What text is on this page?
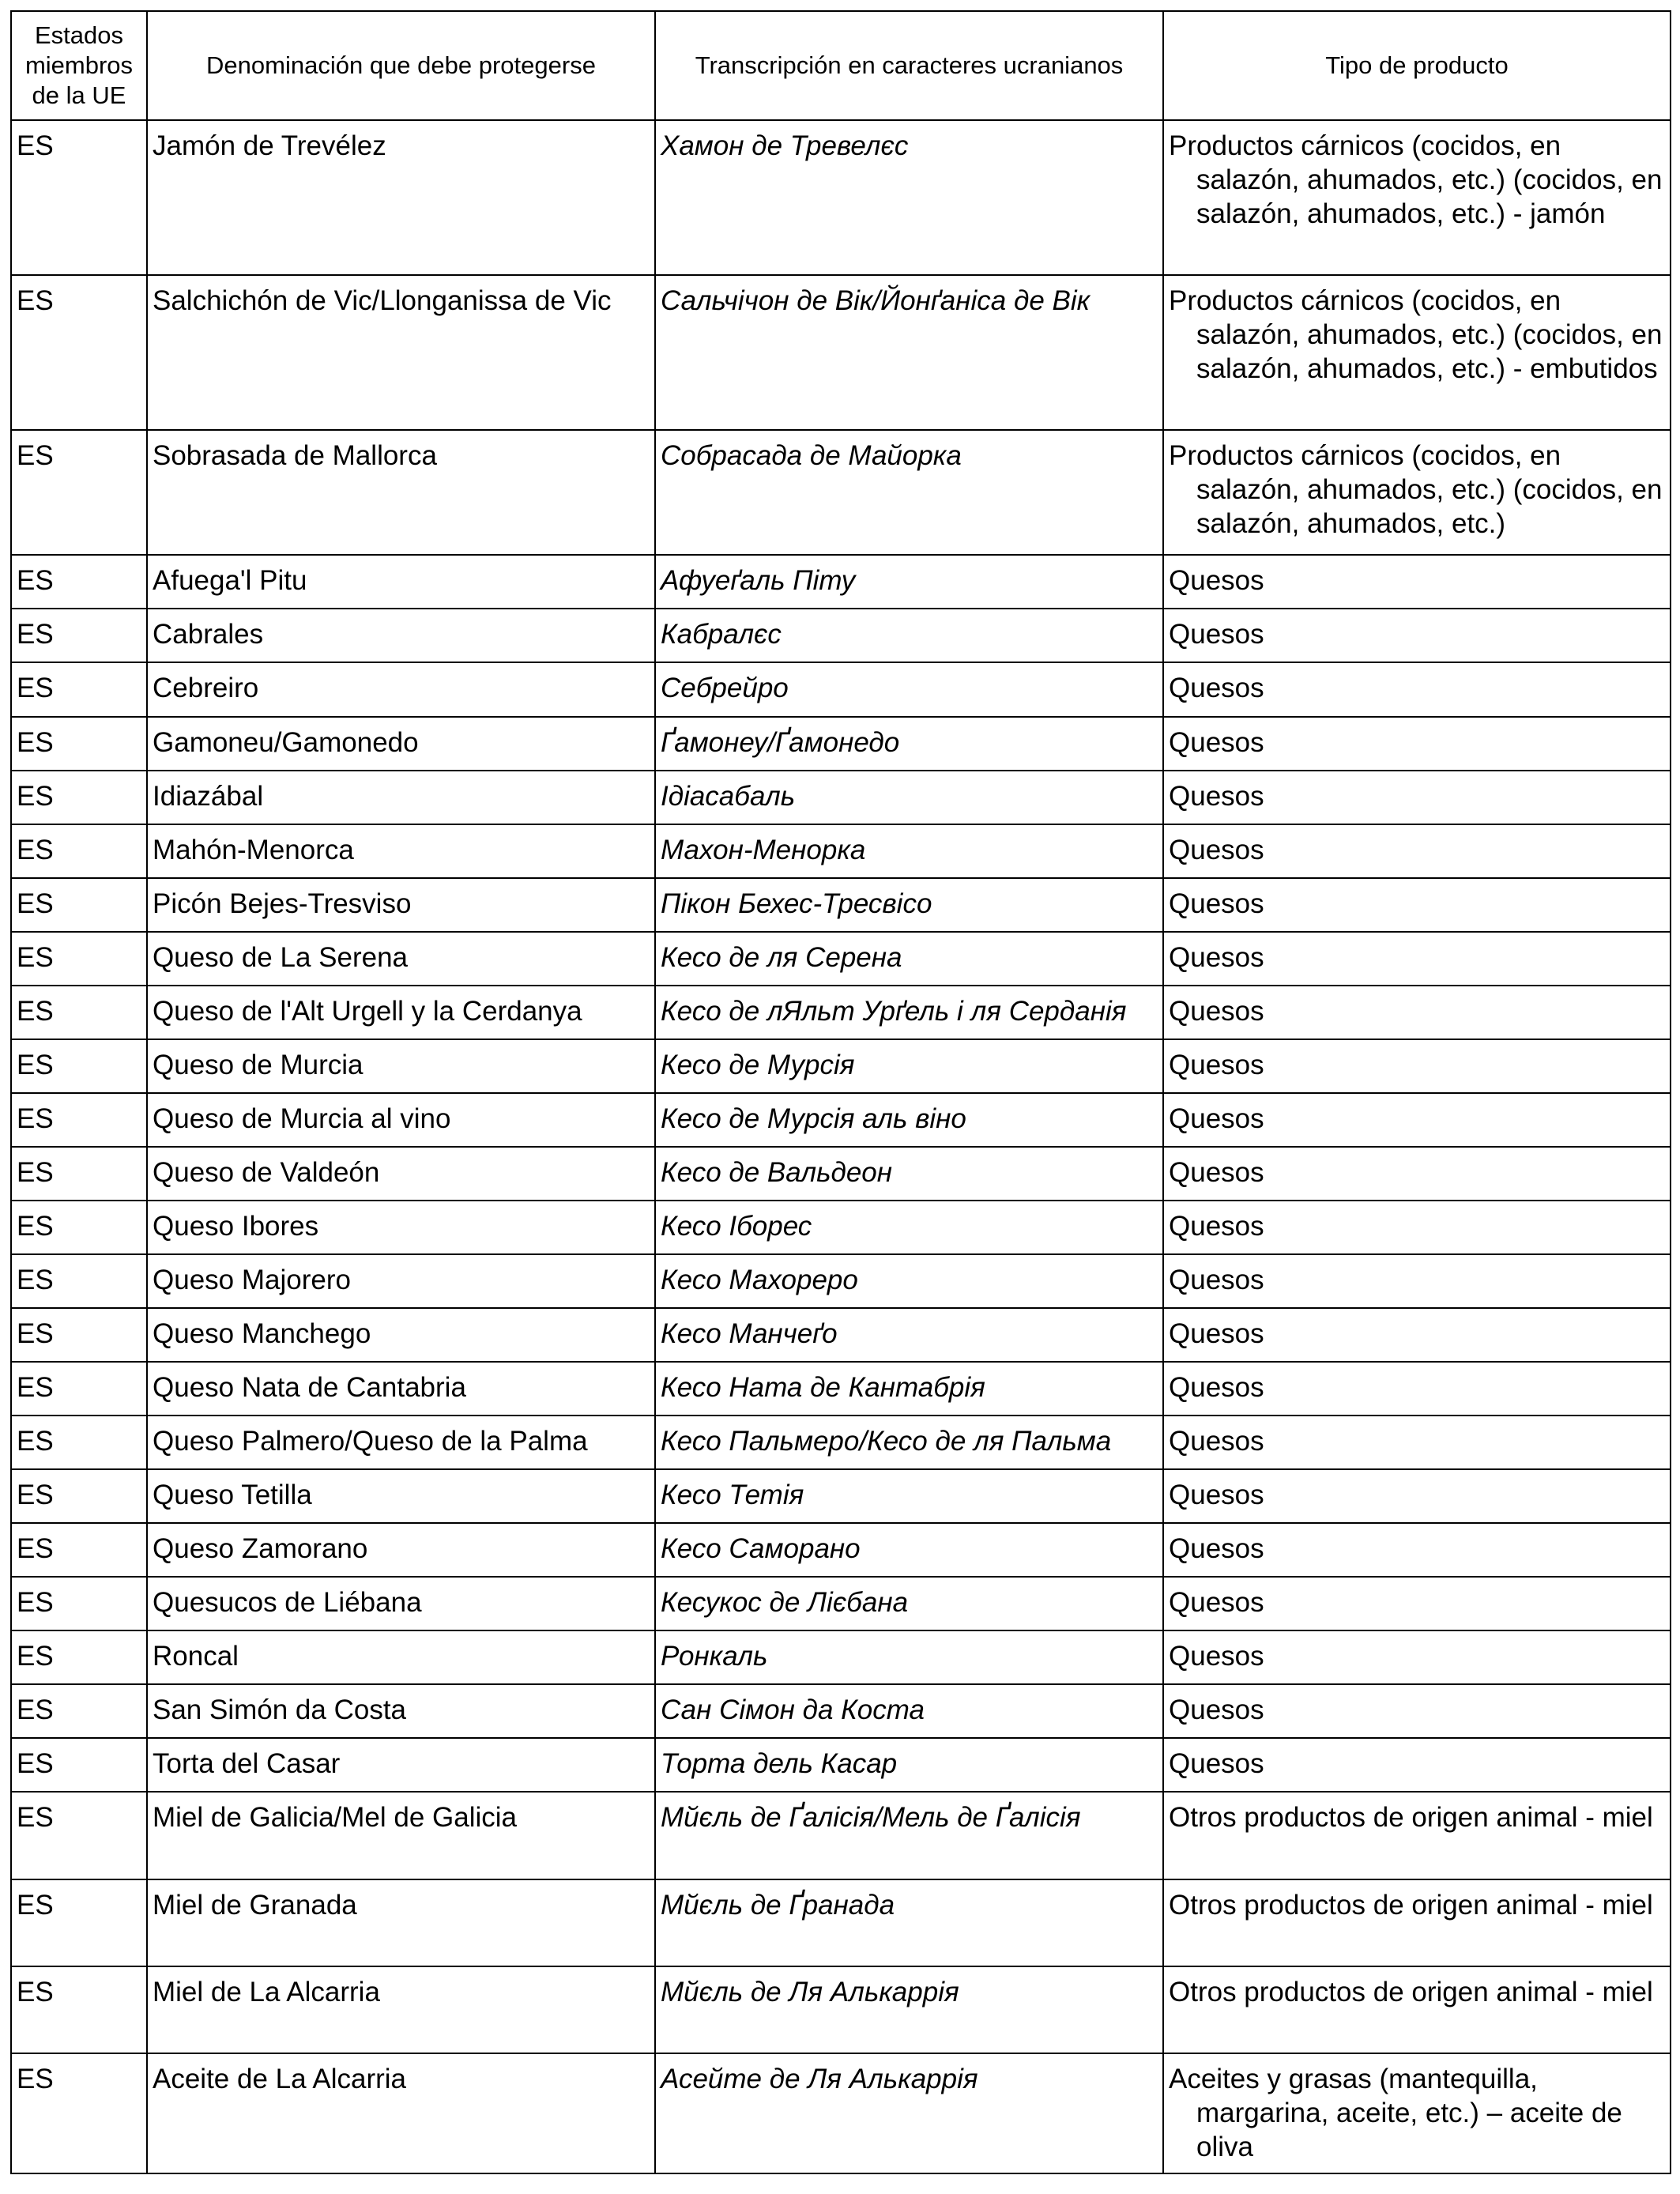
Estados miembros de la UE	Denominación que debe protegerse	Transcripción en caracteres ucranianos	Tipo de producto
ES	Jamón de Trevélez	Хамон де Тревелєс	Productos cárnicos (cocidos, en salazón, ahumados, etc.) (cocidos, en salazón, ahumados, etc.) - jamón

ES	Salchichón de Vic/Llonganissa de Vic	Сальчічон де Вік/Йонґаніса де Вік	Productos cárnicos (cocidos, en salazón, ahumados, etc.) (cocidos, en salazón, ahumados, etc.) - embutidos

ES	Sobrasada de Mallorca	Собрасада де Майорка	Productos cárnicos (cocidos, en salazón, ahumados, etc.) (cocidos, en salazón, ahumados, etc.)

ES	Afuega'l Pitu	Афуеґаль Піту	Quesos

ES	Cabrales	Кабралєс	Quesos

ES	Cebreiro	Себрейро	Quesos

ES	Gamoneu/Gamonedo	Ґамонеу/Ґамонедо	Quesos

ES	Idiazábal	Ідіасабаль	Quesos

ES	Mahón-Menorca	Махон-Менорка	Quesos

ES	Picón Bejes-Tresviso	Пікон Бехес-Тресвісо	Quesos

ES	Queso de La Serena	Кесо де ля Серена	Quesos

ES	Queso de l'Alt Urgell y la Cerdanya	Кесо де лЯльт Урґель і ля Серданія	Quesos

ES	Queso de Murcia	Кесо де Мурсія	Quesos

ES	Queso de Murcia al vino	Кесо де Мурсія аль віно	Quesos

ES	Queso de Valdeón	Кесо де Вальдеон	Quesos

ES	Queso Ibores	Кесо Іборес	Quesos

ES	Queso Majorero	Кесо Махореро	Quesos

ES	Queso Manchego	Кесо Манчеґо	Quesos

ES	Queso Nata de Cantabria	Кесо Ната де Кантабрія	Quesos

ES	Queso Palmero/Queso de la Palma	Кесо Пальмеро/Кесо де ля Пальма	Quesos

ES	Queso Tetilla	Кесо Тетія	Quesos

ES	Queso Zamorano	Кесо Саморано	Quesos

ES	Quesucos de Liébana	Кесукос де Лієбана	Quesos

ES	Roncal	Ронкаль	Quesos

ES	San Simón da Costa	Сан Сімон да Коста	Quesos

ES	Torta del Casar	Торта дель Касар	Quesos

ES	Miel de Galicia/Mel de Galicia	Мйєль де Ґалісія/Мель де Ґалісія	Otros productos de origen animal - miel

ES	Miel de Granada	Мйєль де Ґранада	Otros productos de origen animal - miel

ES	Miel de La Alcarria	Мйєль де Ля Алькаррія	Otros productos de origen animal - miel

ES	Aceite de La Alcarria	Асейте де Ля Алькаррія	Aceites y grasas (mantequilla, margarina, aceite, etc.) – aceite de oliva
